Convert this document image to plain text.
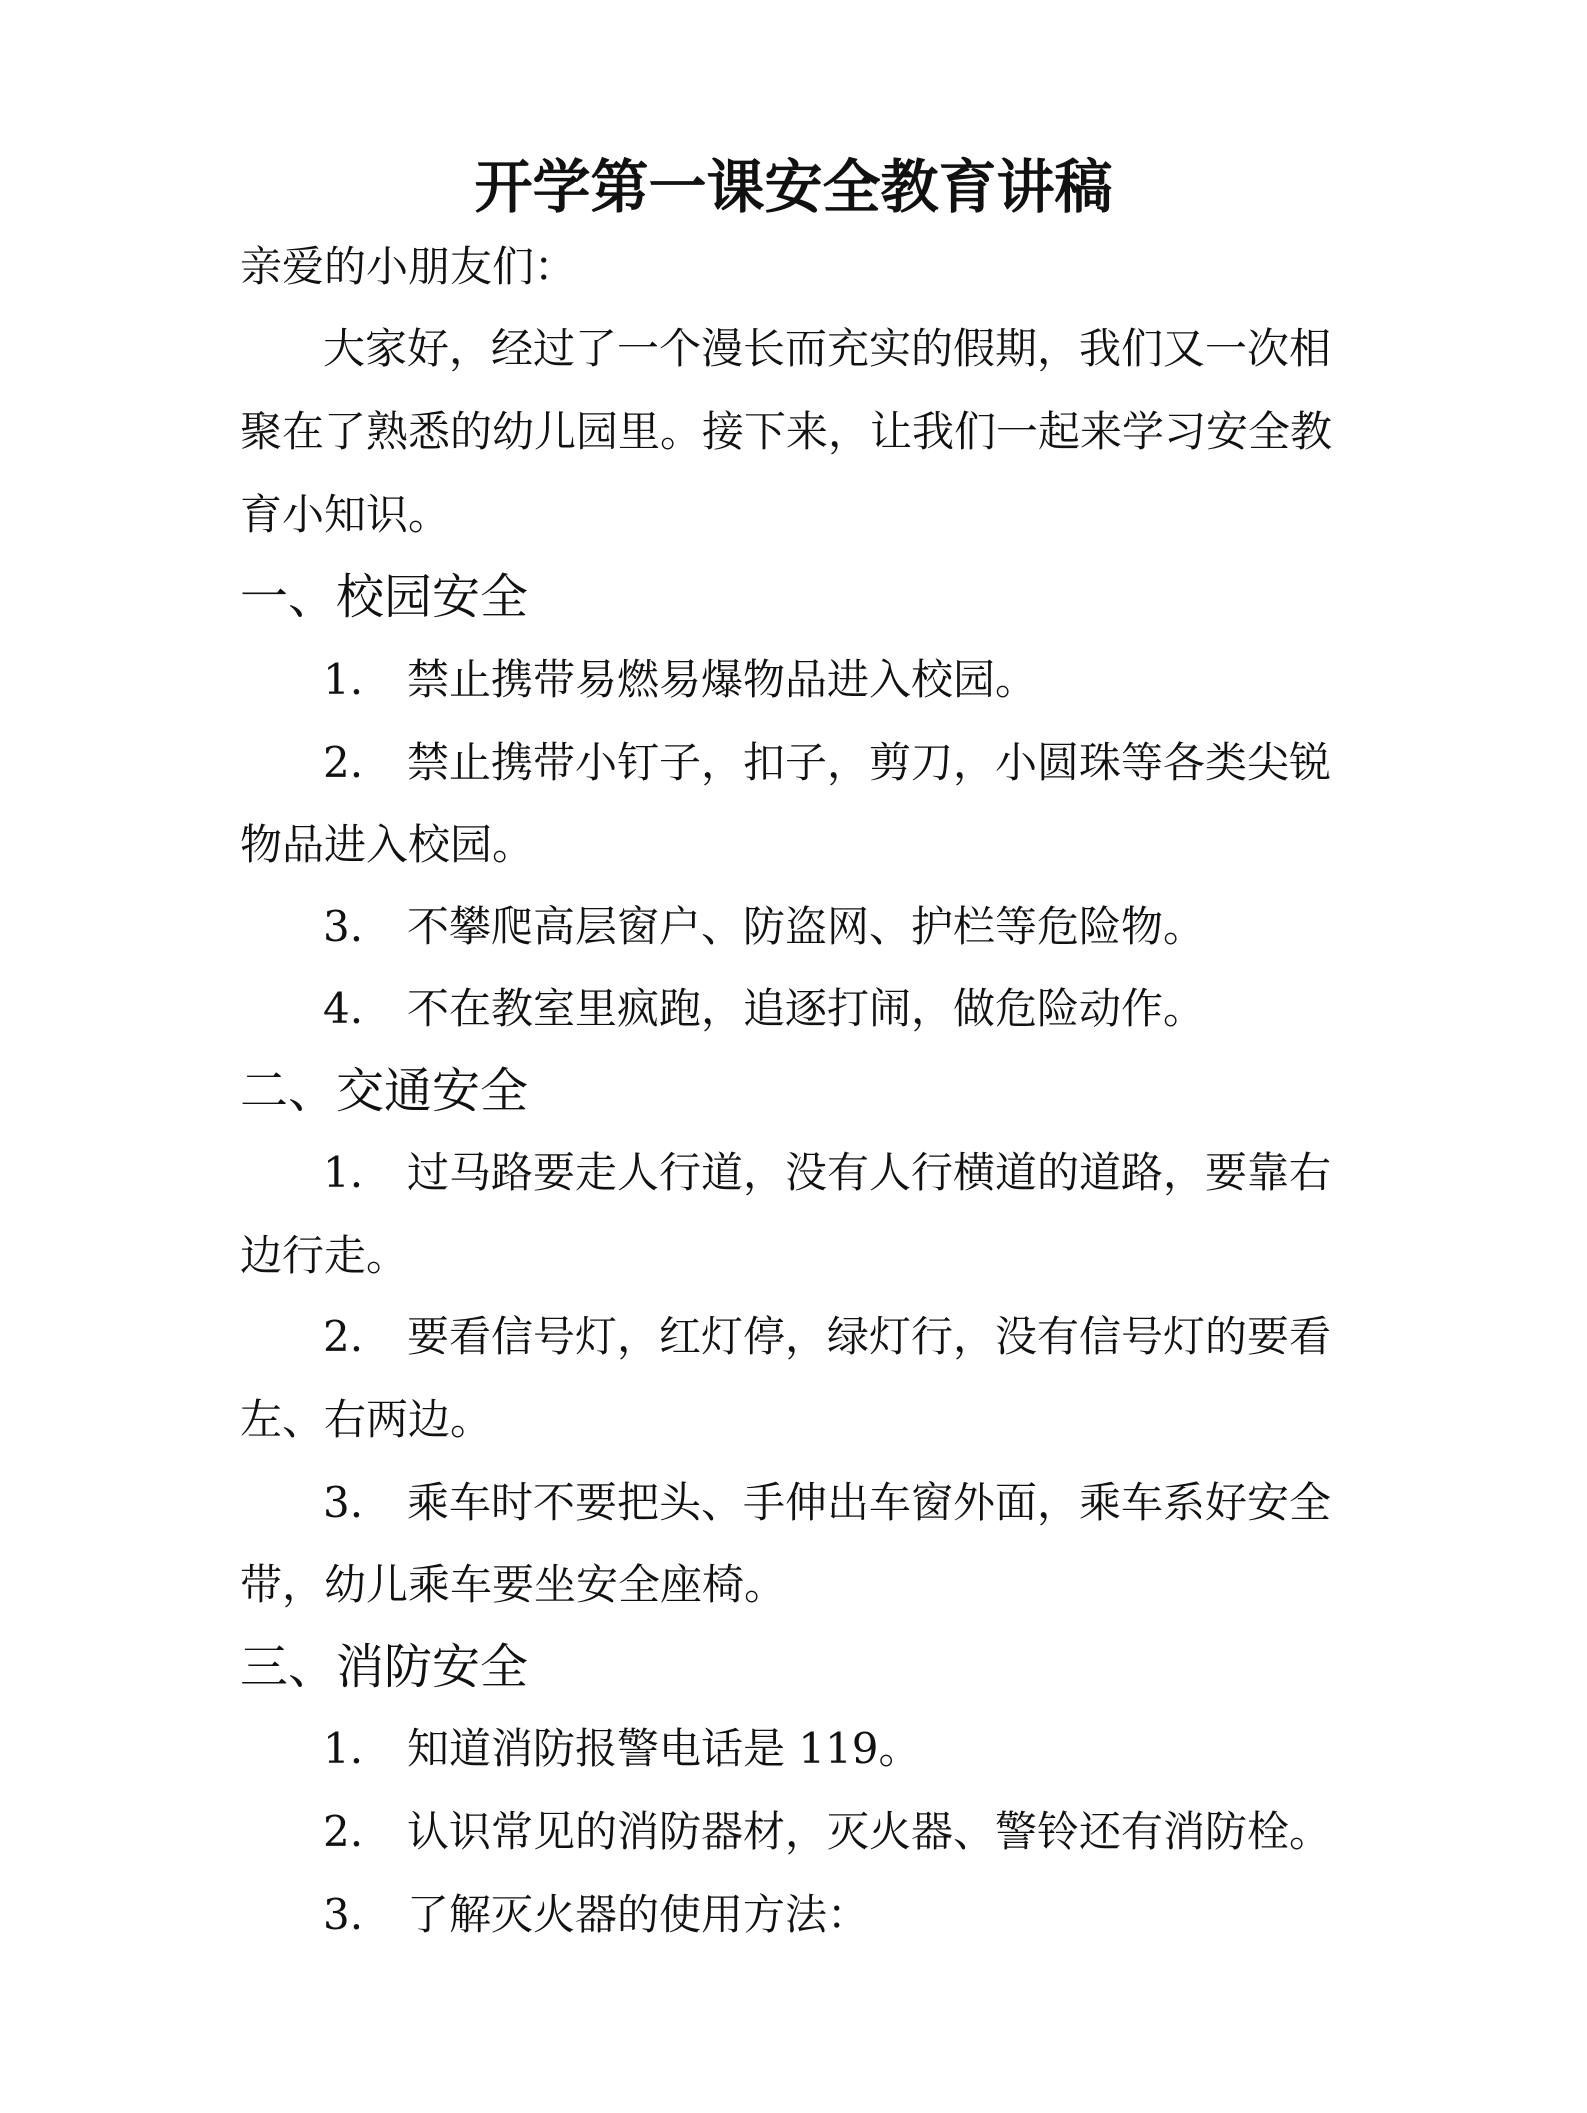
开学第一课安全教育讲稿
亲爱的小朋友们：
大家好，经过了一个漫长而充实的假期，我们又一次相
聚在了熟悉的幼儿园里。接下来，让我们一起来学习安全教
育小知识。
一、校园安全
1. 禁止携带易燃易爆物品进入校园。
2. 禁止携带小钉子，扣子，剪刀，小圆珠等各类尖锐
物品进入校园。
3. 不攀爬高层窗户、防盗网、护栏等危险物。
4. 不在教室里疯跑，追逐打闹，做危险动作。
二、交通安全
1. 过马路要走人行道，没有人行横道的道路，要靠右
边行走。
2. 要看信号灯，红灯停，绿灯行，没有信号灯的要看
左、右两边。
3. 乘车时不要把头、手伸出车窗外面，乘车系好安全
带，幼儿乘车要坐安全座椅。
三、消防安全
1. 知道消防报警电话是 119。
2. 认识常见的消防器材，灭火器、警铃还有消防栓。
3. 了解灭火器的使用方法：
